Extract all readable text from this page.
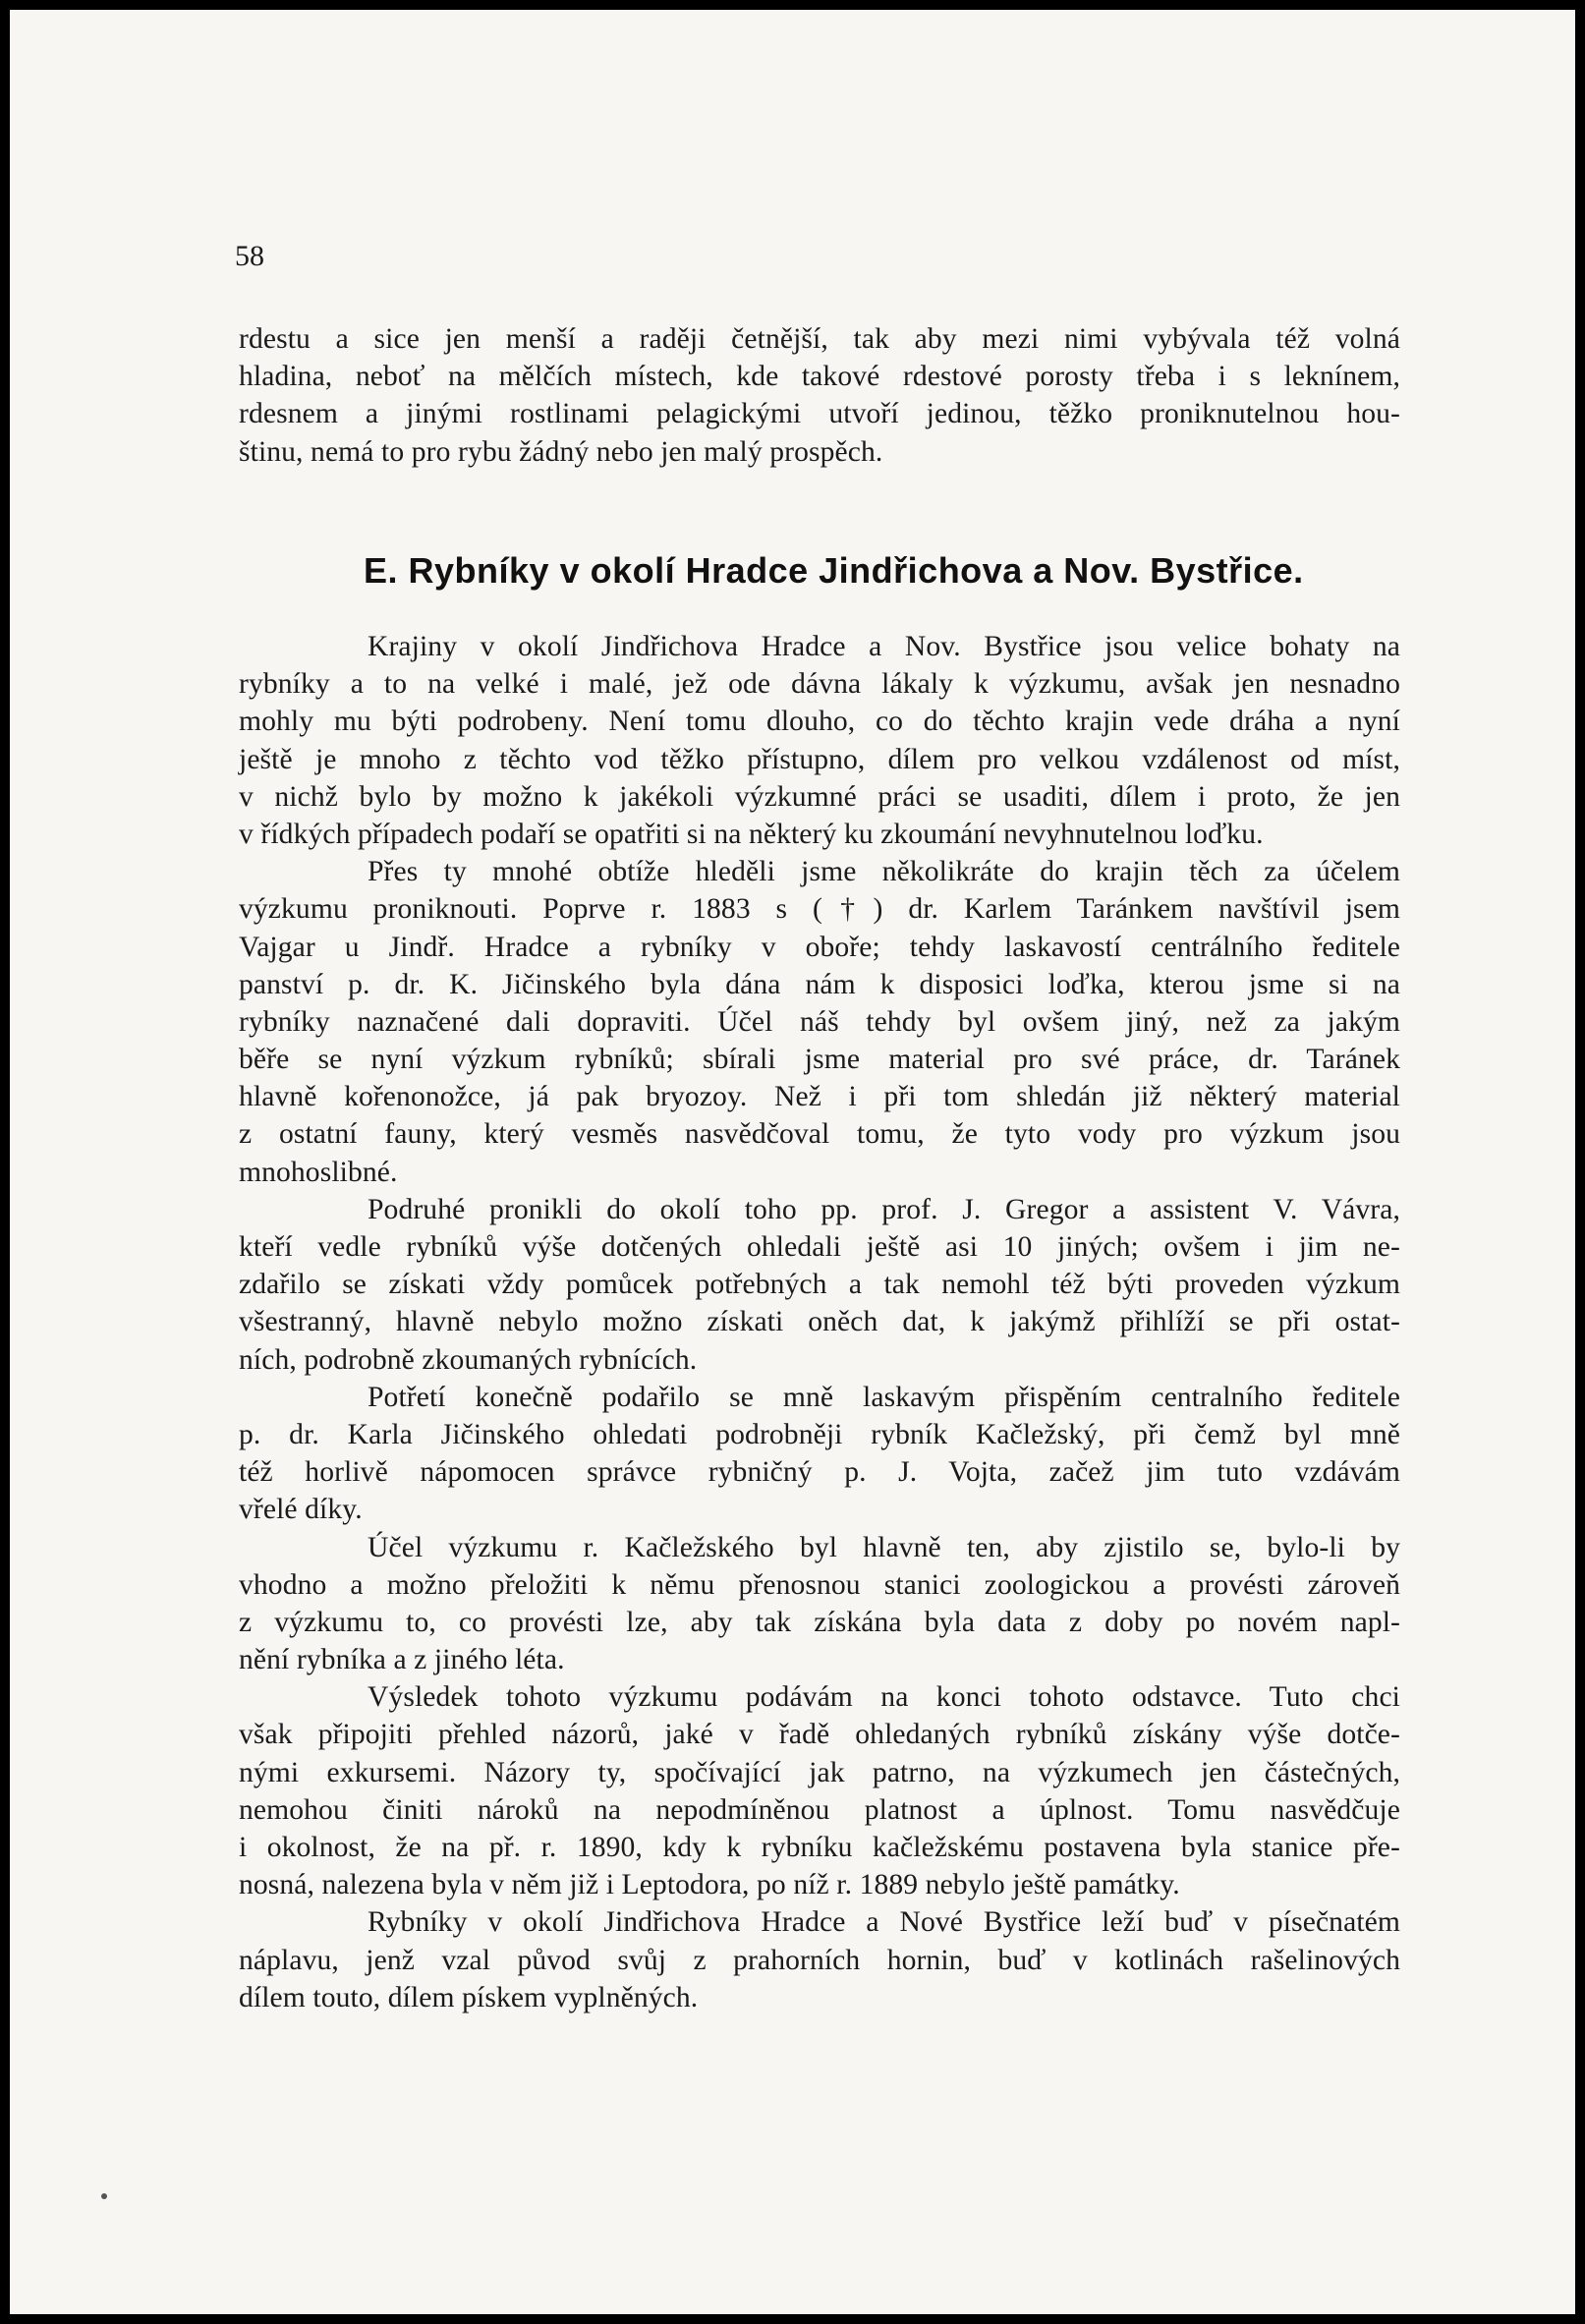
58
rdestu a sice jen menší a raději četnější, tak aby mezi nimi vybývala též volná
hladina, neboť na mělčích místech, kde takové rdestové porosty třeba i s leknínem,
rdesnem a jinými rostlinami pelagickými utvoří jedinou, těžko proniknutelnou hou-
štinu, nemá to pro rybu žádný nebo jen malý prospěch.
E. Rybníky v okolí Hradce Jindřichova a Nov. Bystřice.
Krajiny v okolí Jindřichova Hradce a Nov. Bystřice jsou velice bohaty na
rybníky a to na velké i malé, jež ode dávna lákaly k výzkumu, avšak jen nesnadno
mohly mu býti podrobeny. Není tomu dlouho, co do těchto krajin vede dráha a nyní
ještě je mnoho z těchto vod těžko přístupno, dílem pro velkou vzdálenost od míst,
v nichž bylo by možno k jakékoli výzkumné práci se usaditi, dílem i proto, že jen
v řídkých případech podaří se opatřiti si na některý ku zkoumání nevyhnutelnou loďku.
Přes ty mnohé obtíže hleděli jsme několikráte do krajin těch za účelem
výzkumu proniknouti. Poprve r. 1883 s (†) dr. Karlem Taránkem navštívil jsem
Vajgar u Jindř. Hradce a rybníky v oboře; tehdy laskavostí centrálního ředitele
panství p. dr. K. Jičinského byla dána nám k disposici loďka, kterou jsme si na
rybníky naznačené dali dopraviti. Účel náš tehdy byl ovšem jiný, než za jakým
běře se nyní výzkum rybníků; sbírali jsme material pro své práce, dr. Taránek
hlavně kořenonožce, já pak bryozoy. Než i při tom shledán již některý material
z ostatní fauny, který vesměs nasvědčoval tomu, že tyto vody pro výzkum jsou
mnohoslibné.
Podruhé pronikli do okolí toho pp. prof. J. Gregor a assistent V. Vávra,
kteří vedle rybníků výše dotčených ohledali ještě asi 10 jiných; ovšem i jim ne-
zdařilo se získati vždy pomůcek potřebných a tak nemohl též býti proveden výzkum
všestranný, hlavně nebylo možno získati oněch dat, k jakýmž přihlíží se při ostat-
ních, podrobně zkoumaných rybnících.
Potřetí konečně podařilo se mně laskavým přispěním centralního ředitele
p. dr. Karla Jičinského ohledati podrobněji rybník Kačležský, při čemž byl mně
též horlivě nápomocen správce rybničný p. J. Vojta, začež jim tuto vzdávám
vřelé díky.
Účel výzkumu r. Kačležského byl hlavně ten, aby zjistilo se, bylo-li by
vhodno a možno přeložiti k němu přenosnou stanici zoologickou a provésti zároveň
z výzkumu to, co provésti lze, aby tak získána byla data z doby po novém napl-
nění rybníka a z jiného léta.
Výsledek tohoto výzkumu podávám na konci tohoto odstavce. Tuto chci
však připojiti přehled názorů, jaké v řadě ohledaných rybníků získány výše dotče-
nými exkursemi. Názory ty, spočívající jak patrno, na výzkumech jen částečných,
nemohou činiti nároků na nepodmíněnou platnost a úplnost. Tomu nasvědčuje
i okolnost, že na př. r. 1890, kdy k rybníku kačležskému postavena byla stanice pře-
nosná, nalezena byla v něm již i Leptodora, po níž r. 1889 nebylo ještě památky.
Rybníky v okolí Jindřichova Hradce a Nové Bystřice leží buď v písečnatém
náplavu, jenž vzal původ svůj z prahorních hornin, buď v kotlinách rašelinových
dílem touto, dílem pískem vyplněných.
